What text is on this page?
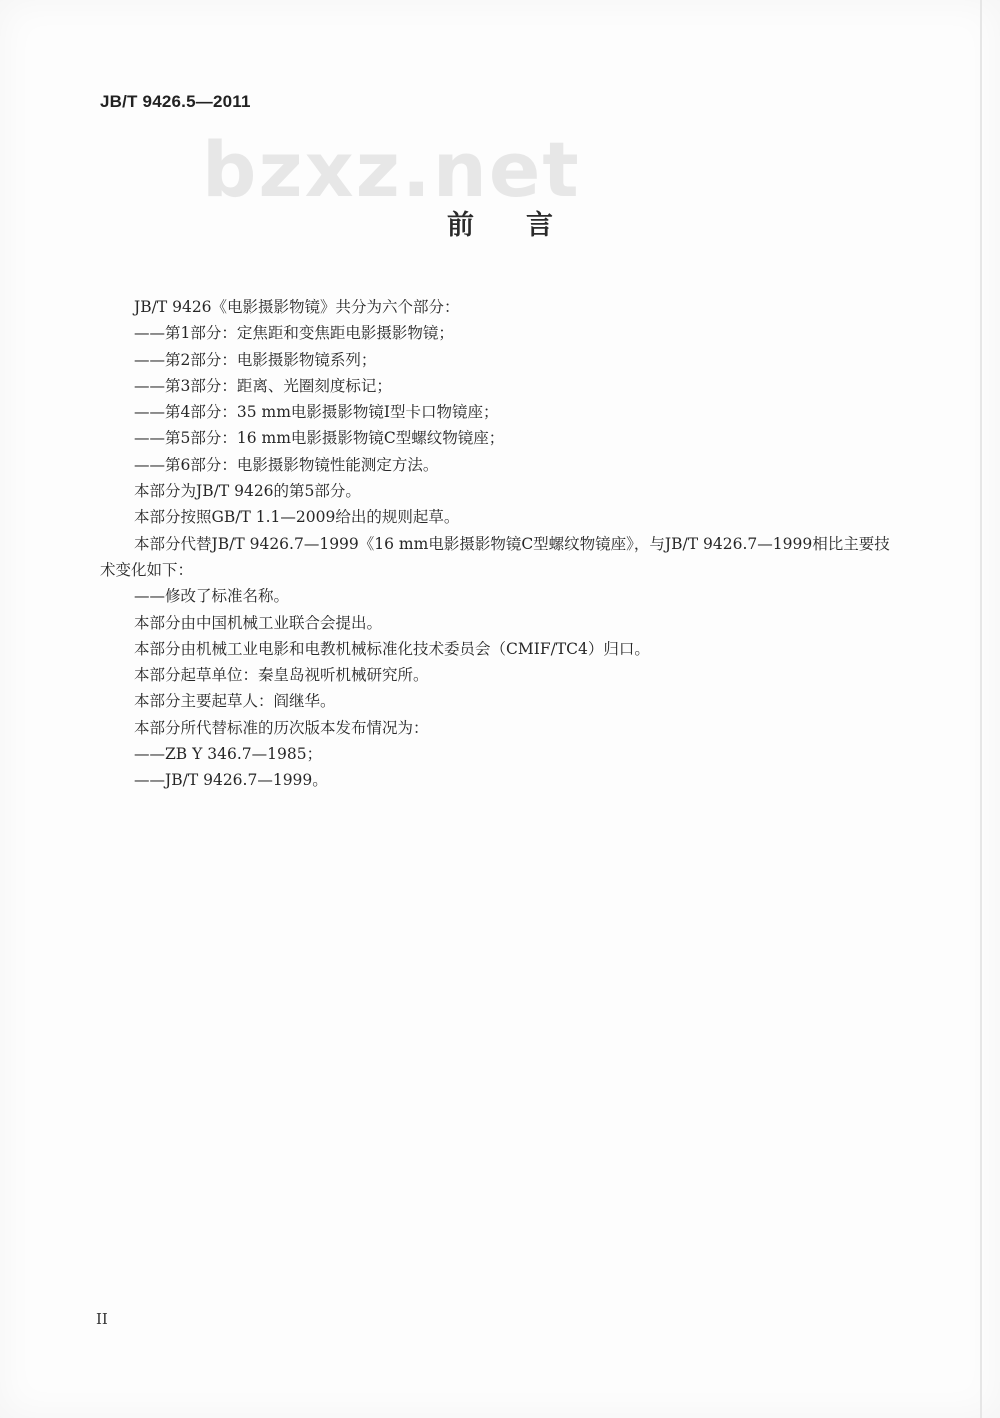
JB/T 9426.5—2011
bzxz.net
前言

JB/T 9426《电影摄影物镜》共分为六个部分：

——第1部分：定焦距和变焦距电影摄影物镜；

——第2部分：电影摄影物镜系列；

——第3部分：距离、光圈刻度标记；

——第4部分：35 mm电影摄影物镜Ⅰ型卡口物镜座；

——第5部分：16 mm电影摄影物镜C型螺纹物镜座；

——第6部分：电影摄影物镜性能测定方法。

本部分为JB/T 9426的第5部分。

本部分按照GB/T 1.1—2009给出的规则起草。

本部分代替JB/T 9426.7—1999《16 mm电影摄影物镜C型螺纹物镜座》，与JB/T 9426.7—1999相比主要技术变化如下：

——修改了标准名称。

本部分由中国机械工业联合会提出。

本部分由机械工业电影和电教机械标准化技术委员会（CMIF/TC4）归口。

本部分起草单位：秦皇岛视听机械研究所。

本部分主要起草人：阎继华。

本部分所代替标准的历次版本发布情况为：

——ZB Y 346.7—1985；

——JB/T 9426.7—1999。

II
